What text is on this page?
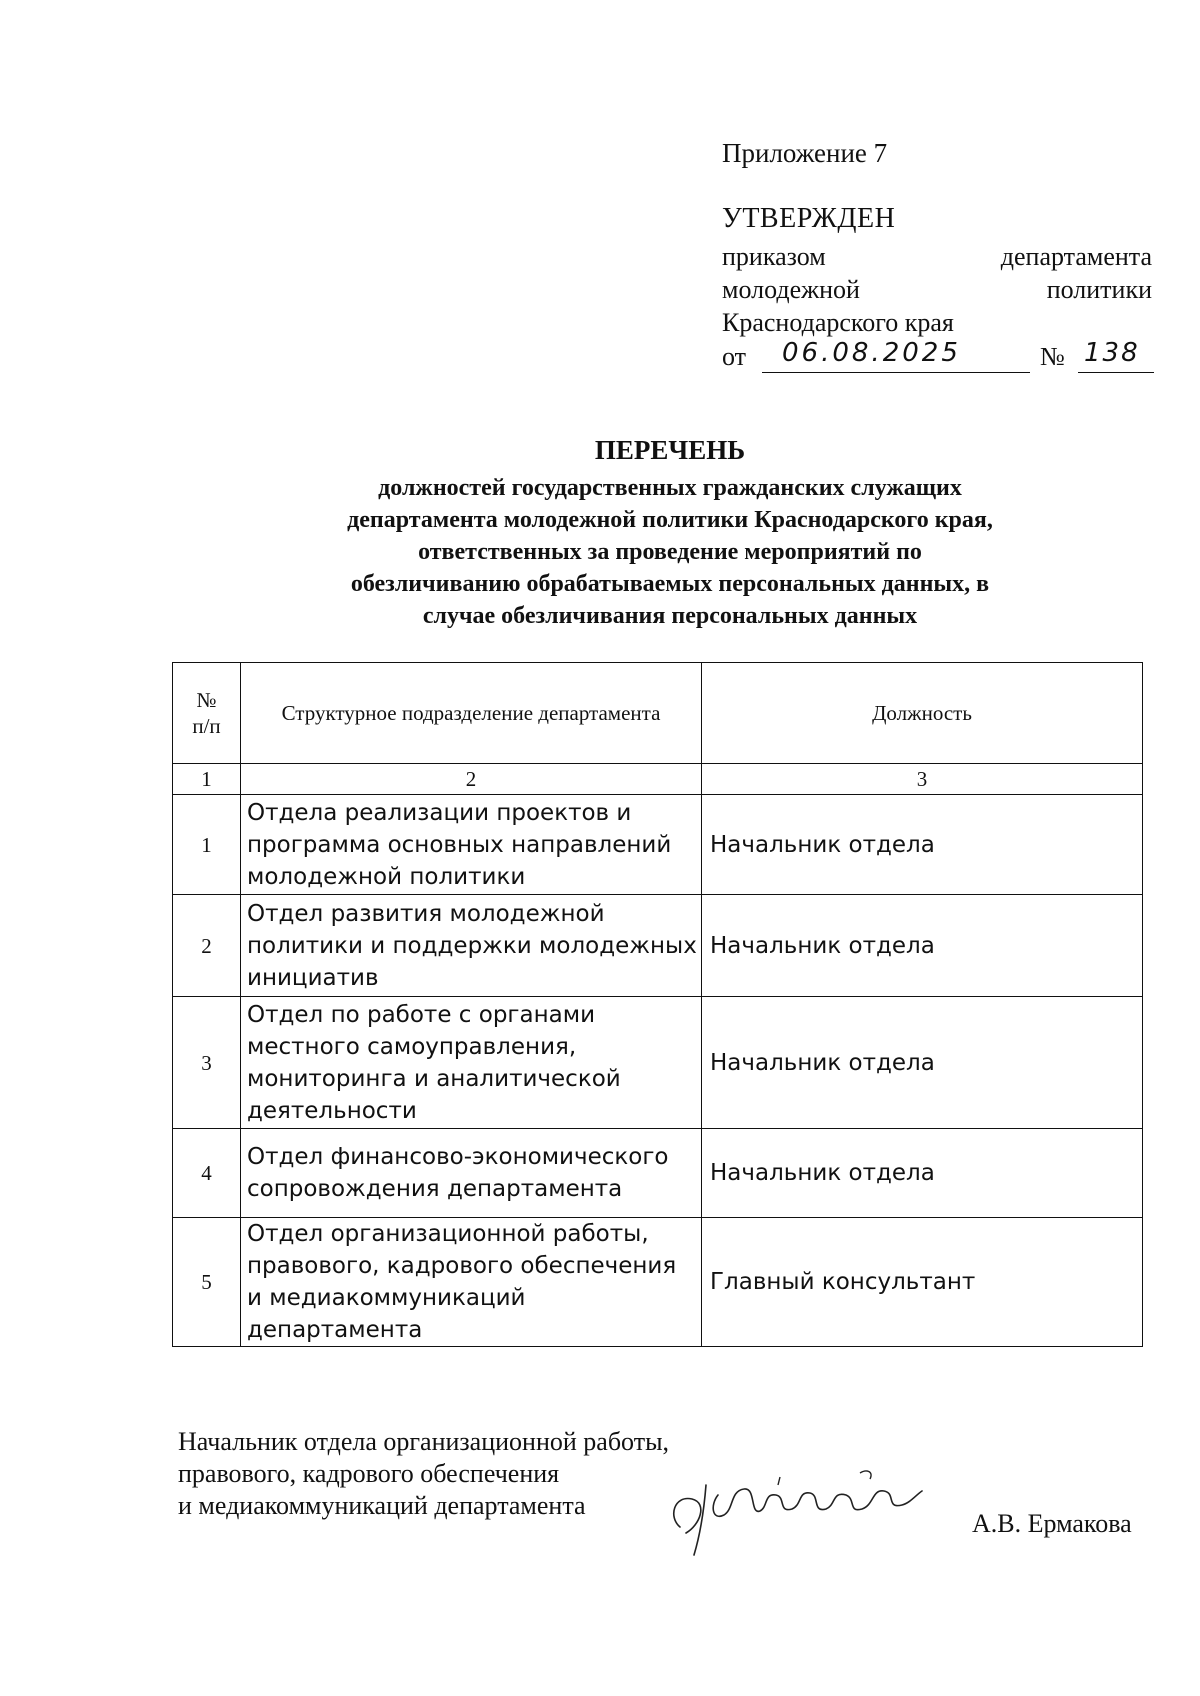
Приложение 7
УТВЕРЖДЕН
приказом	департамента
молодежной	политики
Краснодарского края
от 06.08.2025	№ 138
ПЕРЕЧЕНЬ
должностей государственных гражданских служащих
департамента молодежной политики Краснодарского края,
ответственных за проведение мероприятий по
обезличиванию обрабатываемых персональных данных, в
случае обезличивания персональных данных
№
п/п	Структурное подразделение департамента	Должность
1	2	3
1	Отдела реализации проектов и
программа основных направлений
молодежной политики	Начальник отдела
2	Отдел развития молодежной
политики и поддержки молодежных
инициатив	Начальник отдела
3	Отдел по работе с органами
местного самоуправления,
мониторинга и аналитической
деятельности	Начальник отдела
4	Отдел финансово-экономического
сопровождения департамента	Начальник отдела
5	Отдел организационной работы,
правового, кадрового обеспечения
и медиакоммуникаций департамента	Главный консультант
Начальник отдела организационной работы,
правового, кадрового обеспечения
и медиакоммуникаций департамента
А.В. Ермакова
